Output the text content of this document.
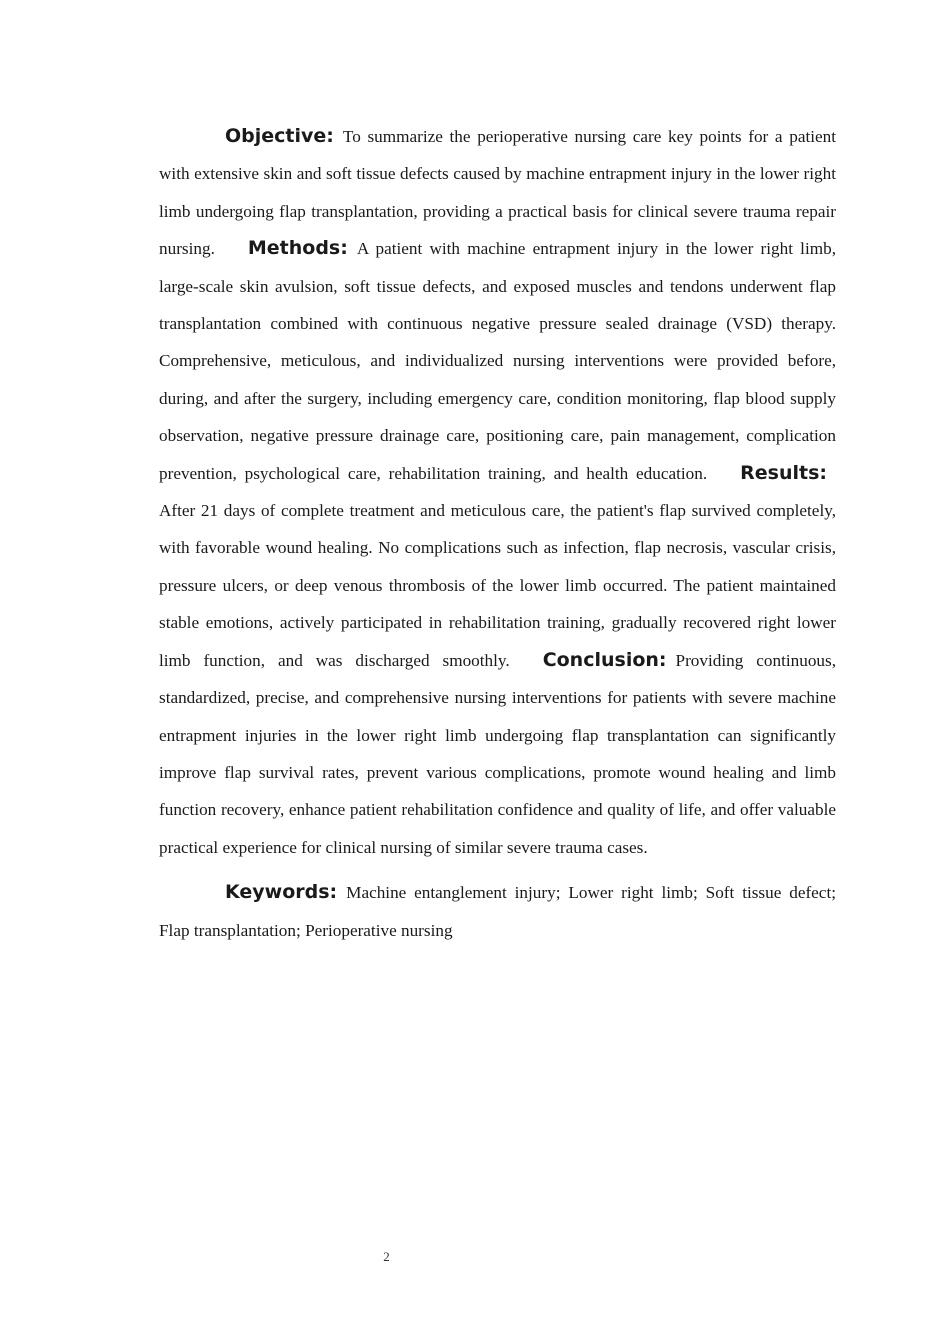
Objective: To summarize the perioperative nursing care key points for a patient with extensive skin and soft tissue defects caused by machine entrapment injury in the lower right limb undergoing flap transplantation, providing a practical basis for clinical severe trauma repair nursing. Methods: A patient with machine entrapment injury in the lower right limb, large-scale skin avulsion, soft tissue defects, and exposed muscles and tendons underwent flap transplantation combined with continuous negative pressure sealed drainage (VSD) therapy. Comprehensive, meticulous, and individualized nursing interventions were provided before, during, and after the surgery, including emergency care, condition monitoring, flap blood supply observation, negative pressure drainage care, positioning care, pain management, complication prevention, psychological care, rehabilitation training, and health education. Results:After 21 days of complete treatment and meticulous care, the patient's flap survived completely, with favorable wound healing. No complications such as infection, flap necrosis, vascular crisis, pressure ulcers, or deep venous thrombosis of the lower limb occurred. The patient maintained stable emotions, actively participated in rehabilitation training, gradually recovered right lower limb function, and was discharged smoothly. Conclusion: Providing continuous, standardized, precise, and comprehensive nursing interventions for patients with severe machine entrapment injuries in the lower right limb undergoing flap transplantation can significantly improve flap survival rates, prevent various complications, promote wound healing and limb function recovery, enhance patient rehabilitation confidence and quality of life, and offer valuable practical experience for clinical nursing of similar severe trauma cases.

Keywords: Machine entanglement injury; Lower right limb; Soft tissue defect; Flap transplantation; Perioperative nursing

2
